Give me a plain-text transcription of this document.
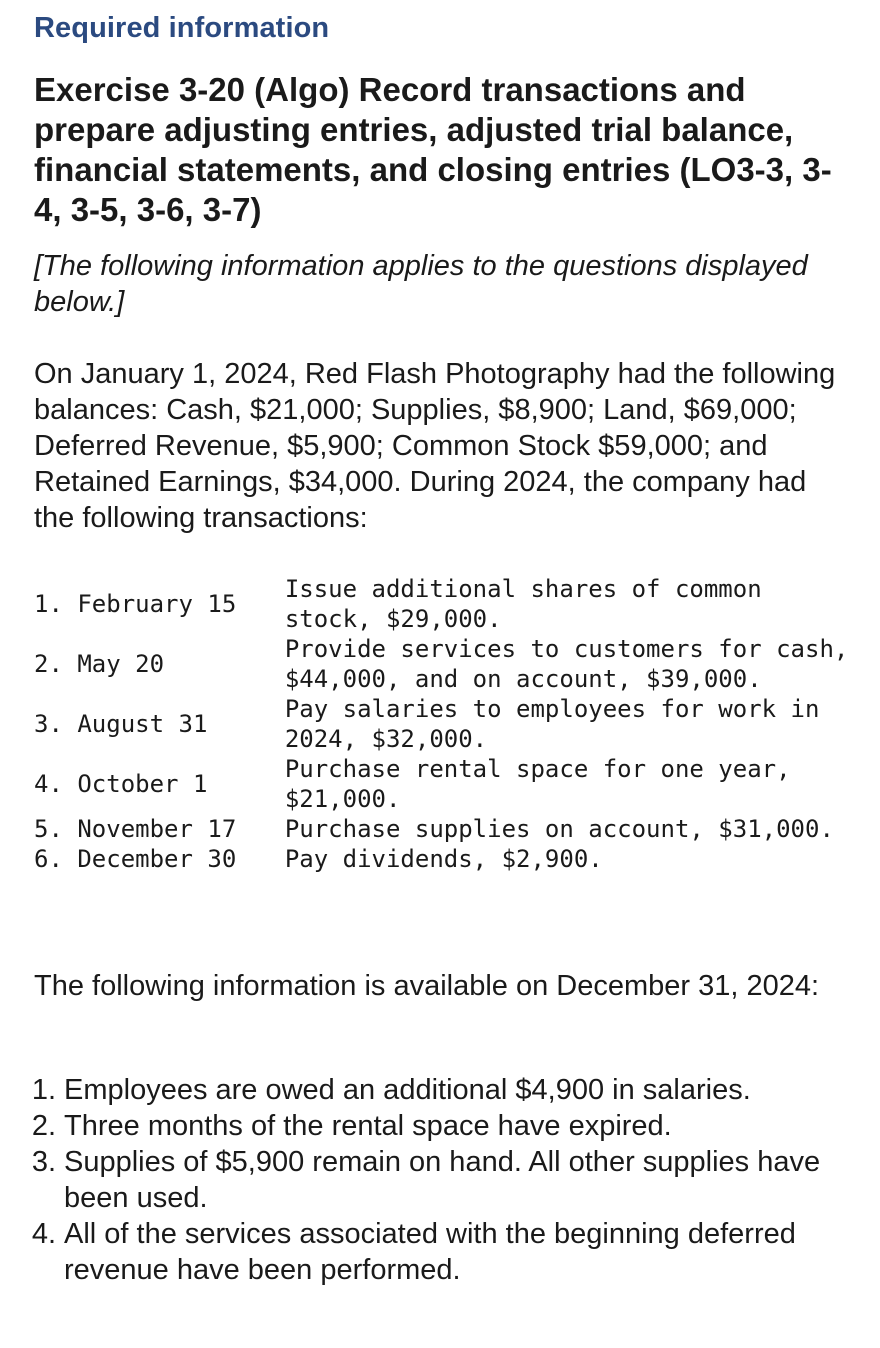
Required information
Exercise 3-20 (Algo) Record transactions and prepare adjusting entries, adjusted trial balance, financial statements, and closing entries (LO3-3, 3-4, 3-5, 3-6, 3-7)
[The following information applies to the questions displayed below.]
On January 1, 2024, Red Flash Photography had the following balances: Cash, $21,000; Supplies, $8,900; Land, $69,000; Deferred Revenue, $5,900; Common Stock $59,000; and Retained Earnings, $34,000. During 2024, the company had the following transactions:
1. February 15	Issue additional shares of common stock, $29,000.
2. May 20	Provide services to customers for cash, $44,000, and on account, $39,000.
3. August 31	Pay salaries to employees for work in 2024, $32,000.
4. October 1	Purchase rental space for one year, $21,000.
5. November 17	Purchase supplies on account, $31,000.
6. December 30	Pay dividends, $2,900.
The following information is available on December 31, 2024:
1. Employees are owed an additional $4,900 in salaries.
2. Three months of the rental space have expired.
3. Supplies of $5,900 remain on hand. All other supplies have been used.
4. All of the services associated with the beginning deferred revenue have been performed.
